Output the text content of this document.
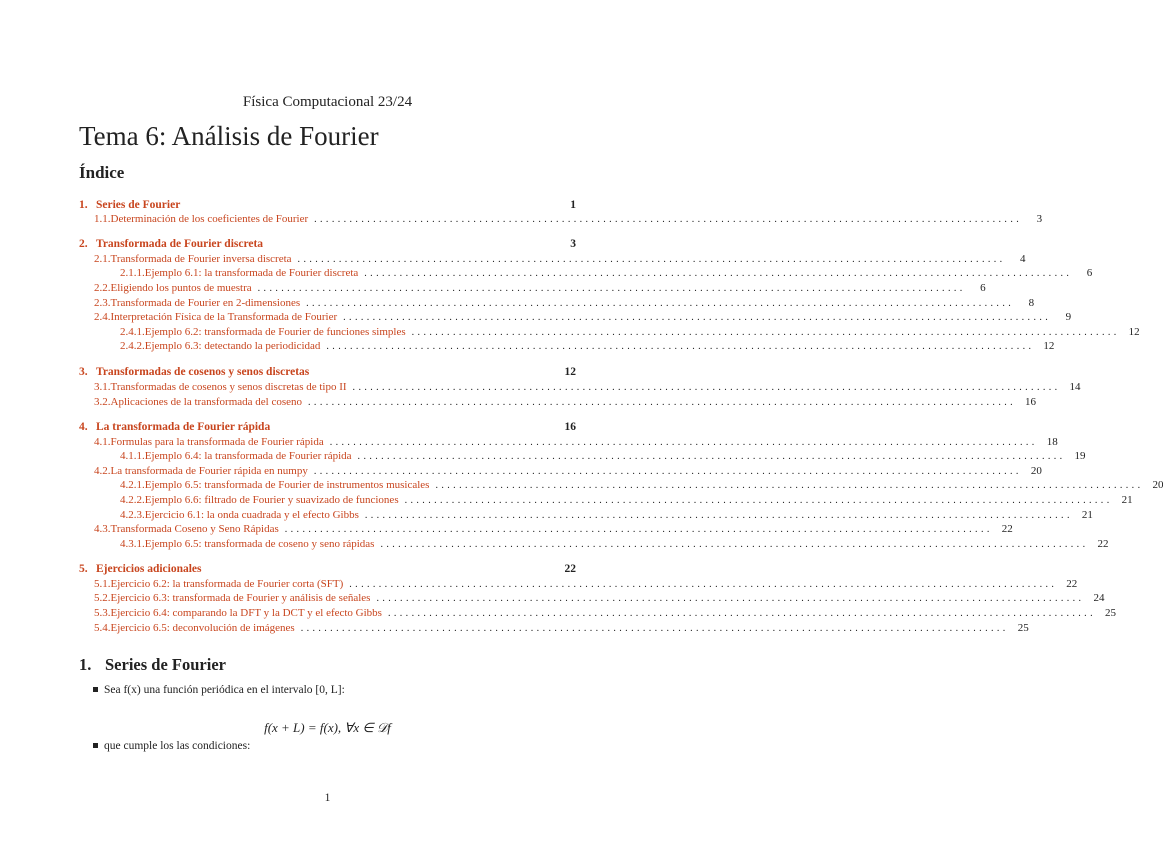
Física Computacional 23/24
Tema 6: Análisis de Fourier
Índice
1. Series de Fourier	1
1.1. Determinación de los coeficientes de Fourier ........................................................................................................................	3
2. Transformada de Fourier discreta	3
2.1. Transformada de Fourier inversa discreta ........................................................................................................................	4
2.1.1. Ejemplo 6.1: la transformada de Fourier discreta ........................................................................................................................	6
2.2. Eligiendo los puntos de muestra ........................................................................................................................	6
2.3. Transformada de Fourier en 2-dimensiones ........................................................................................................................	8
2.4. Interpretación Física de la Transformada de Fourier ........................................................................................................................	9
2.4.1. Ejemplo 6.2: transformada de Fourier de funciones simples ........................................................................................................................ 12
2.4.2. Ejemplo 6.3: detectando la periodicidad ........................................................................................................................ 12
3. Transformadas de cosenos y senos discretas	12
3.1. Transformadas de cosenos y senos discretas de tipo II ........................................................................................................................ 14
3.2. Aplicaciones de la transformada del coseno ........................................................................................................................ 16
4. La transformada de Fourier rápida	16
4.1. Formulas para la transformada de Fourier rápida ........................................................................................................................ 18
4.1.1. Ejemplo 6.4: la transformada de Fourier rápida ........................................................................................................................ 19
4.2. La transformada de Fourier rápida en numpy ........................................................................................................................ 20
4.2.1. Ejemplo 6.5: transformada de Fourier de instrumentos musicales ........................................................................................................................ 20
4.2.2. Ejemplo 6.6: filtrado de Fourier y suavizado de funciones ........................................................................................................................ 21
4.2.3. Ejercicio 6.1: la onda cuadrada y el efecto Gibbs ........................................................................................................................ 21
4.3. Transformada Coseno y Seno Rápidas ........................................................................................................................ 22
4.3.1. Ejemplo 6.5: transformada de coseno y seno rápidas ........................................................................................................................ 22
5. Ejercicios adicionales	22
5.1. Ejercicio 6.2: la transformada de Fourier corta (SFT) ........................................................................................................................ 22
5.2. Ejercicio 6.3: transformada de Fourier y análisis de señales ........................................................................................................................ 24
5.3. Ejercicio 6.4: comparando la DFT y la DCT y el efecto Gibbs ........................................................................................................................ 25
5.4. Ejercicio 6.5: deconvolución de imágenes ........................................................................................................................ 25
1. Series de Fourier
Sea f(x) una función periódica en el intervalo [0, L]:
f(x + L) = f(x), ∀x ∈ 𝒟f
que cumple los las condiciones:
1
